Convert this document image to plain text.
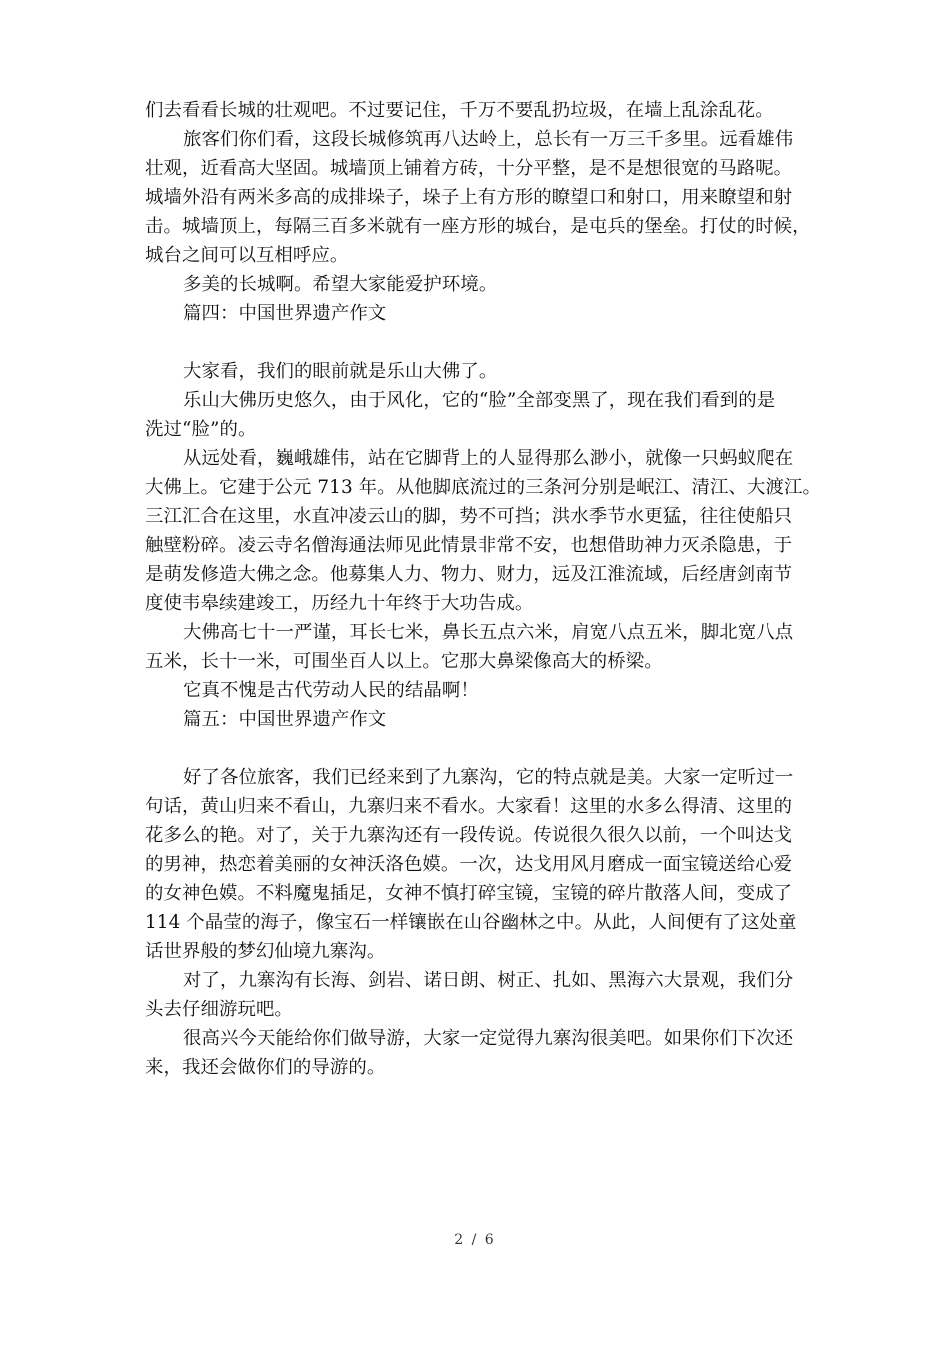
们去看看长城的壮观吧。不过要记住，千万不要乱扔垃圾，在墙上乱涂乱花。
旅客们你们看，这段长城修筑再八达岭上，总长有一万三千多里。远看雄伟
壮观，近看高大坚固。城墙顶上铺着方砖，十分平整，是不是想很宽的马路呢。
城墙外沿有两米多高的成排垛子，垛子上有方形的瞭望口和射口，用来瞭望和射
击。城墙顶上，每隔三百多米就有一座方形的城台，是屯兵的堡垒。打仗的时候，
城台之间可以互相呼应。
多美的长城啊。希望大家能爱护环境。
篇四：中国世界遗产作文
大家看，我们的眼前就是乐山大佛了。
乐山大佛历史悠久，由于风化，它的“脸”全部变黑了，现在我们看到的是
洗过“脸”的。
从远处看，巍峨雄伟，站在它脚背上的人显得那么渺小，就像一只蚂蚁爬在
大佛上。它建于公元 713 年。从他脚底流过的三条河分别是岷江、清江、大渡江。
三江汇合在这里，水直冲凌云山的脚，势不可挡；洪水季节水更猛，往往使船只
触壁粉碎。凌云寺名僧海通法师见此情景非常不安，也想借助神力灭杀隐患，于
是萌发修造大佛之念。他募集人力、物力、财力，远及江淮流域，后经唐剑南节
度使韦皋续建竣工，历经九十年终于大功告成。
大佛高七十一严谨，耳长七米，鼻长五点六米，肩宽八点五米，脚北宽八点
五米，长十一米，可围坐百人以上。它那大鼻梁像高大的桥梁。
它真不愧是古代劳动人民的结晶啊！
篇五：中国世界遗产作文
好了各位旅客，我们已经来到了九寨沟，它的特点就是美。大家一定听过一
句话，黄山归来不看山，九寨归来不看水。大家看！这里的水多么得清、这里的
花多么的艳。对了，关于九寨沟还有一段传说。传说很久很久以前，一个叫达戈
的男神，热恋着美丽的女神沃洛色嫫。一次，达戈用风月磨成一面宝镜送给心爱
的女神色嫫。不料魔鬼插足，女神不慎打碎宝镜，宝镜的碎片散落人间，变成了
114 个晶莹的海子，像宝石一样镶嵌在山谷幽林之中。从此，人间便有了这处童
话世界般的梦幻仙境九寨沟。
对了，九寨沟有长海、剑岩、诺日朗、树正、扎如、黑海六大景观，我们分
头去仔细游玩吧。
很高兴今天能给你们做导游，大家一定觉得九寨沟很美吧。如果你们下次还
来，我还会做你们的导游的。
2 / 6
